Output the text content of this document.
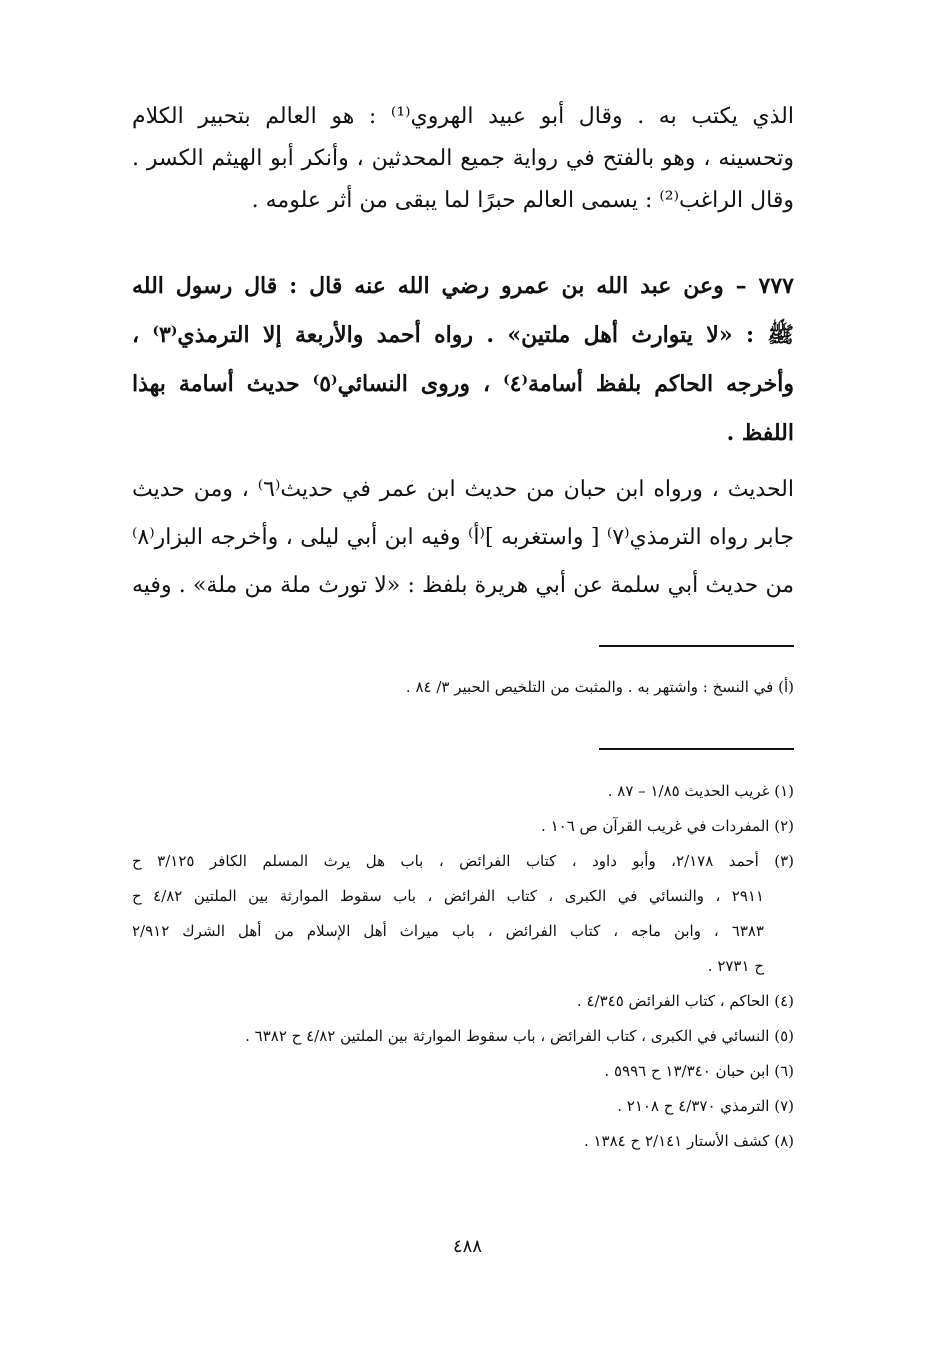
الذي يكتب به . وقال أبو عبيد الهروي⁽¹⁾ : هو العالم بتحبير الكلام
وتحسينه ، وهو بالفتح في رواية جميع المحدثين ، وأنكر أبو الهيثم الكسر .
وقال الراغب⁽²⁾ : يسمى العالم حبرًا لما يبقى من أثر علومه .
٧٧٧ – وعن عبد الله بن عمرو رضي الله عنه قال : قال رسول الله
ﷺ : «لا يتوارث أهل ملتين» . رواه أحمد والأربعة إلا الترمذي⁽٣⁾ ،
وأخرجه الحاكم بلفظ أسامة⁽٤⁾ ، وروى النسائي⁽٥⁾ حديث أسامة بهذا
اللفظ .
الحديث ، ورواه ابن حبان من حديث ابن عمر في حديث⁽٦⁾ ، ومن حديث
جابر رواه الترمذي⁽٧⁾ [ واستغربه ]⁽أ⁾ وفيه ابن أبي ليلى ، وأخرجه البزار⁽٨⁾
من حديث أبي سلمة عن أبي هريرة بلفظ : «لا تورث ملة من ملة» . وفيه
(أ) في النسخ : واشتهر به . والمثبت من التلخيص الحبير ٣/ ٨٤ .
(١) غريب الحديث ١/٨٥ – ٨٧ .
(٢) المفردات في غريب القرآن ص ١٠٦ .
(٣) أحمد ٢/١٧٨، وأبو داود ، كتاب الفرائض ، باب هل يرث المسلم الكافر ٣/١٢٥ ح
٢٩١١ ، والنسائي في الكبرى ، كتاب الفرائض ، باب سقوط الموارثة بين الملتين ٤/٨٢ ح
٦٣٨٣ ، وابن ماجه ، كتاب الفرائض ، باب ميراث أهل الإسلام من أهل الشرك ٢/٩١٢
ح ٢٧٣١ .
(٤) الحاكم ، كتاب الفرائض ٤/٣٤٥ .
(٥) النسائي في الكبرى ، كتاب الفرائض ، باب سقوط الموارثة بين الملتين ٤/٨٢ ح ٦٣٨٢ .
(٦) ابن حبان ١٣/٣٤٠ ح ٥٩٩٦ .
(٧) الترمذي ٤/٣٧٠ ح ٢١٠٨ .
(٨) كشف الأستار ٢/١٤١ ح ١٣٨٤ .
٤٨٨
